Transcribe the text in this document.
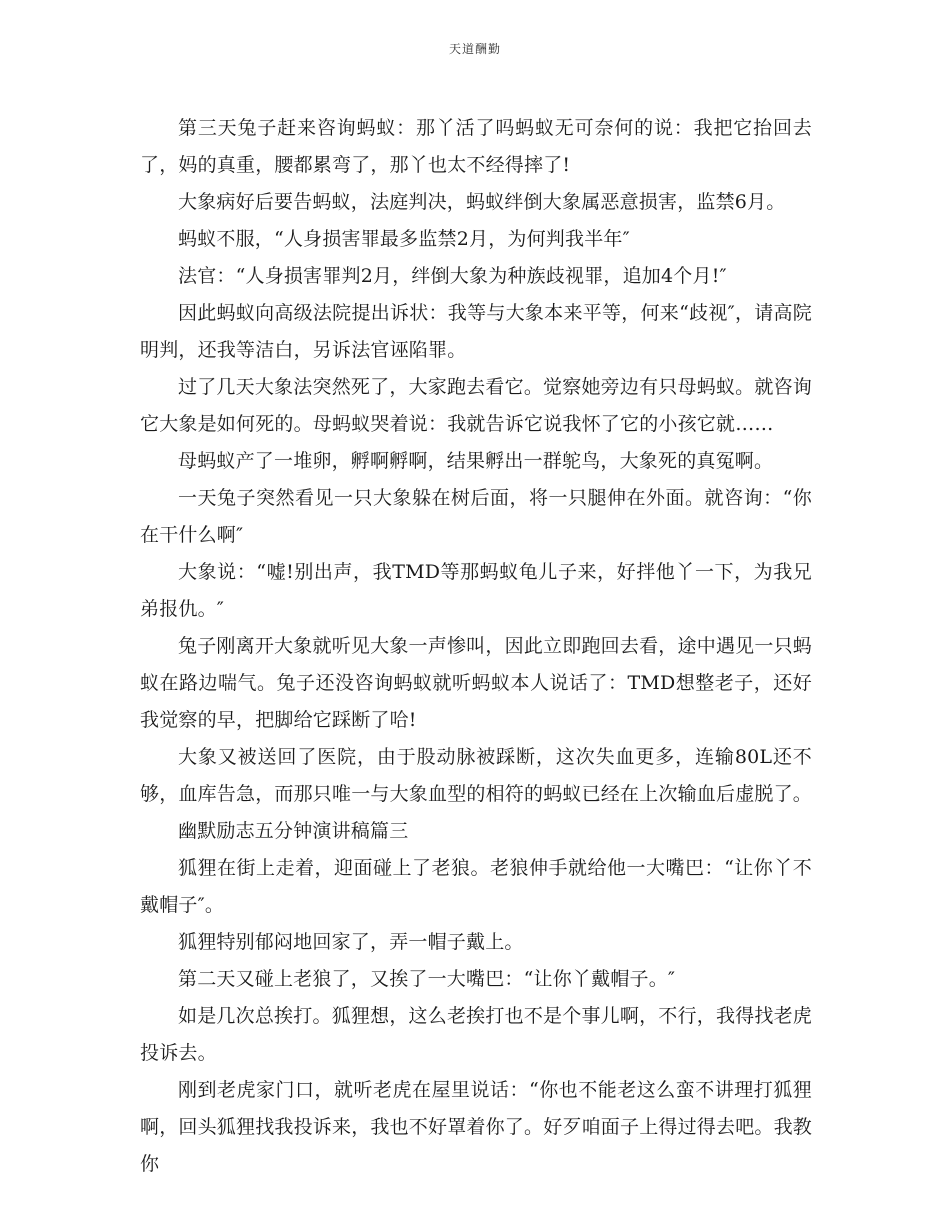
天道酬勤

第三天兔子赶来咨询蚂蚁：那丫活了吗蚂蚁无可奈何的说：我把它抬回去了，妈的真重，腰都累弯了，那丫也太不经得摔了!

大象病好后要告蚂蚁，法庭判决，蚂蚁绊倒大象属恶意损害，监禁6月。

蚂蚁不服，“人身损害罪最多监禁2月，为何判我半年″

法官：“人身损害罪判2月，绊倒大象为种族歧视罪，追加4个月!″

因此蚂蚁向高级法院提出诉状：我等与大象本来平等，何来“歧视″，请高院明判，还我等洁白，另诉法官诬陷罪。

过了几天大象法突然死了，大家跑去看它。觉察她旁边有只母蚂蚁。就咨询它大象是如何死的。母蚂蚁哭着说：我就告诉它说我怀了它的小孩它就……

母蚂蚁产了一堆卵，孵啊孵啊，结果孵出一群鸵鸟，大象死的真冤啊。

一天兔子突然看见一只大象躲在树后面，将一只腿伸在外面。就咨询：“你在干什么啊″

大象说：“嘘!别出声，我TMD等那蚂蚁龟儿子来，好拌他丫一下，为我兄弟报仇。″

兔子刚离开大象就听见大象一声惨叫，因此立即跑回去看，途中遇见一只蚂蚁在路边喘气。兔子还没咨询蚂蚁就听蚂蚁本人说话了：TMD想整老子，还好我觉察的早，把脚给它踩断了哈!

大象又被送回了医院，由于股动脉被踩断，这次失血更多，连输80L还不够，血库告急，而那只唯一与大象血型的相符的蚂蚁已经在上次输血后虚脱了。

幽默励志五分钟演讲稿篇三

狐狸在街上走着，迎面碰上了老狼。老狼伸手就给他一大嘴巴：“让你丫不戴帽子″。

狐狸特别郁闷地回家了，弄一帽子戴上。

第二天又碰上老狼了，又挨了一大嘴巴：“让你丫戴帽子。″

如是几次总挨打。狐狸想，这么老挨打也不是个事儿啊，不行，我得找老虎投诉去。

刚到老虎家门口，就听老虎在屋里说话：“你也不能老这么蛮不讲理打狐狸啊，回头狐狸找我投诉来，我也不好罩着你了。好歹咱面子上得过得去吧。我教你
